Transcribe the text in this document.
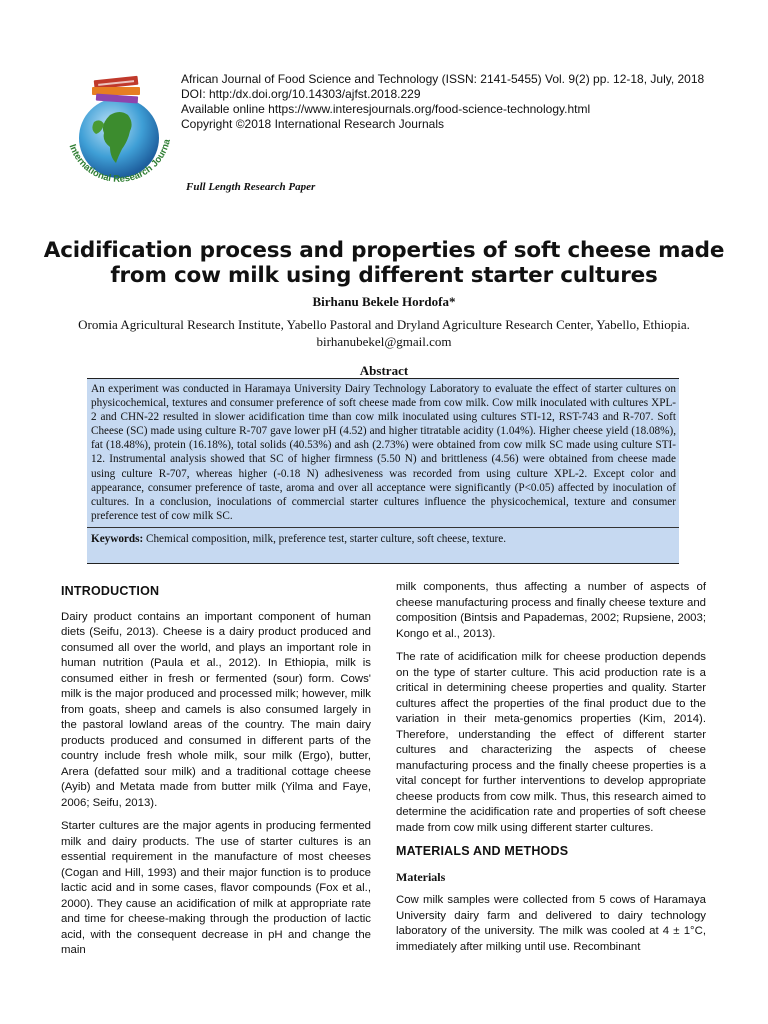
International Research Journa
African Journal of Food Science and Technology (ISSN: 2141-5455) Vol. 9(2) pp. 12-18, July, 2018
DOI: http:/dx.doi.org/10.14303/ajfst.2018.229
Available online https://www.interesjournals.org/food-science-technology.html
Copyright ©2018 International Research Journals
Full Length Research Paper
Acidification process and properties of soft cheese made from cow milk using different starter cultures
Birhanu Bekele Hordofa*
Oromia Agricultural Research Institute, Yabello Pastoral and Dryland Agriculture Research Center, Yabello, Ethiopia. birhanubekel@gmail.com
Abstract

An experiment was conducted in Haramaya University Dairy Technology Laboratory to evaluate the effect of starter cultures on physicochemical, textures and consumer preference of soft cheese made from cow milk. Cow milk inoculated with cultures XPL-2 and CHN-22 resulted in slower acidification time than cow milk inoculated using cultures STI-12, RST-743 and R-707. Soft Cheese (SC) made using culture R-707 gave lower pH (4.52) and higher titratable acidity (1.04%). Higher cheese yield (18.08%), fat (18.48%), protein (16.18%), total solids (40.53%) and ash (2.73%) were obtained from cow milk SC made using culture STI-12. Instrumental analysis showed that SC of higher firmness (5.50 N) and brittleness (4.56) were obtained from cheese made using culture R-707, whereas higher (-0.18 N) adhesiveness was recorded from using culture XPL-2. Except color and appearance, consumer preference of taste, aroma and over all acceptance were significantly (P<0.05) affected by inoculation of cultures. In a conclusion, inoculations of commercial starter cultures influence the physicochemical, texture and consumer preference test of cow milk SC.

Keywords: Chemical composition, milk, preference test, starter culture, soft cheese, texture.
INTRODUCTION

Dairy product contains an important component of human diets (Seifu, 2013). Cheese is a dairy product produced and consumed all over the world, and plays an important role in human nutrition (Paula et al., 2012). In Ethiopia, milk is consumed either in fresh or fermented (sour) form. Cows' milk is the major produced and processed milk; however, milk from goats, sheep and camels is also consumed largely in the pastoral lowland areas of the country. The main dairy products produced and consumed in different parts of the country include fresh whole milk, sour milk (Ergo), butter, Arera (defatted sour milk) and a traditional cottage cheese (Ayib) and Metata made from butter milk (Yilma and Faye, 2006; Seifu, 2013).

Starter cultures are the major agents in producing fermented milk and dairy products. The use of starter cultures is an essential requirement in the manufacture of most cheeses (Cogan and Hill, 1993) and their major function is to produce lactic acid and in some cases, flavor compounds (Fox et al., 2000). They cause an acidification of milk at appropriate rate and time for cheese-making through the production of lactic acid, with the consequent decrease in pH and change the main

milk components, thus affecting a number of aspects of cheese manufacturing process and finally cheese texture and composition (Bintsis and Papademas, 2002; Rupsiene, 2003; Kongo et al., 2013).

The rate of acidification milk for cheese production depends on the type of starter culture. This acid production rate is a critical in determining cheese properties and quality. Starter cultures affect the properties of the final product due to the variation in their meta-genomics properties (Kim, 2014). Therefore, understanding the effect of different starter cultures and characterizing the aspects of cheese manufacturing process and the finally cheese properties is a vital concept for further interventions to develop appropriate cheese products from cow milk. Thus, this research aimed to determine the acidification rate and properties of soft cheese made from cow milk using different starter cultures.

MATERIALS AND METHODS
Materials

Cow milk samples were collected from 5 cows of Haramaya University dairy farm and delivered to dairy technology laboratory of the university. The milk was cooled at 4 ± 1°C, immediately after milking until use. Recombinant
